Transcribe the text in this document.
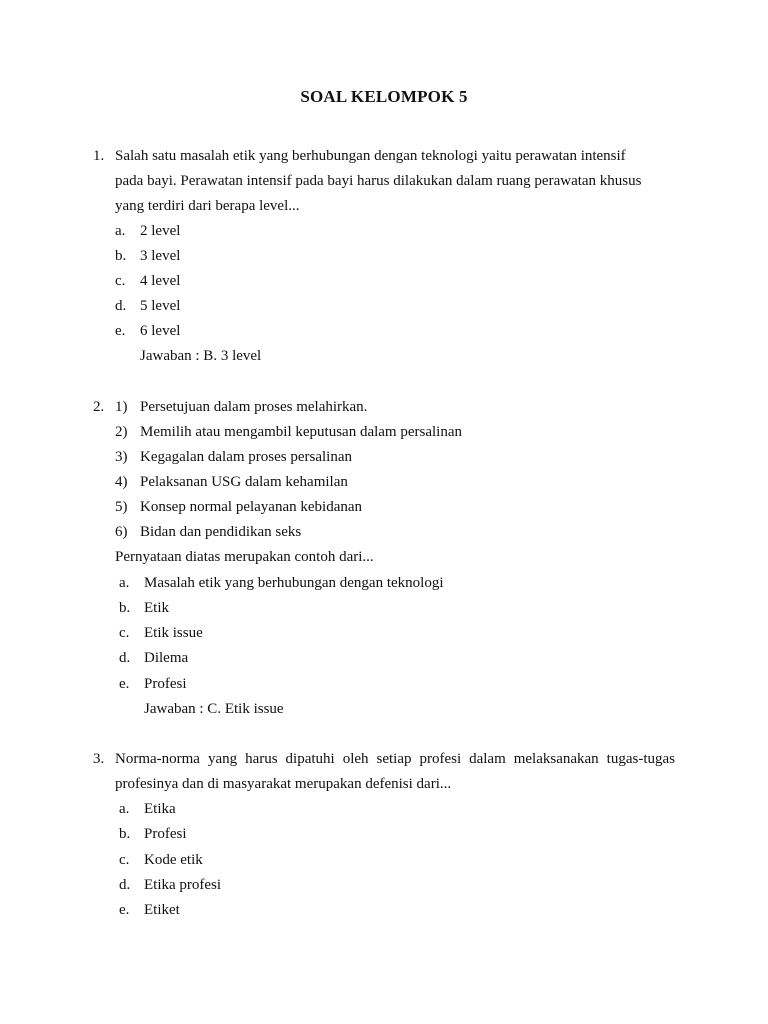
SOAL KELOMPOK 5
1. Salah satu masalah etik yang berhubungan dengan teknologi yaitu perawatan intensif
pada bayi. Perawatan intensif pada bayi harus dilakukan dalam ruang perawatan khusus
yang terdiri dari berapa level...
a. 2 level
b. 3 level
c. 4 level
d. 5 level
e. 6 level
Jawaban : B. 3 level
2. 1) Persetujuan dalam proses melahirkan.
2) Memilih atau mengambil keputusan dalam persalinan
3) Kegagalan dalam proses persalinan
4) Pelaksanan USG dalam kehamilan
5) Konsep normal pelayanan kebidanan
6) Bidan dan pendidikan seks
Pernyataan diatas merupakan contoh dari...
a. Masalah etik yang berhubungan dengan teknologi
b. Etik
c. Etik issue
d. Dilema
e. Profesi
Jawaban : C. Etik issue
3. Norma-norma yang harus dipatuhi oleh setiap profesi dalam melaksanakan tugas-tugas
profesinya dan di masyarakat merupakan defenisi dari...
a. Etika
b. Profesi
c. Kode etik
d. Etika profesi
e. Etiket
